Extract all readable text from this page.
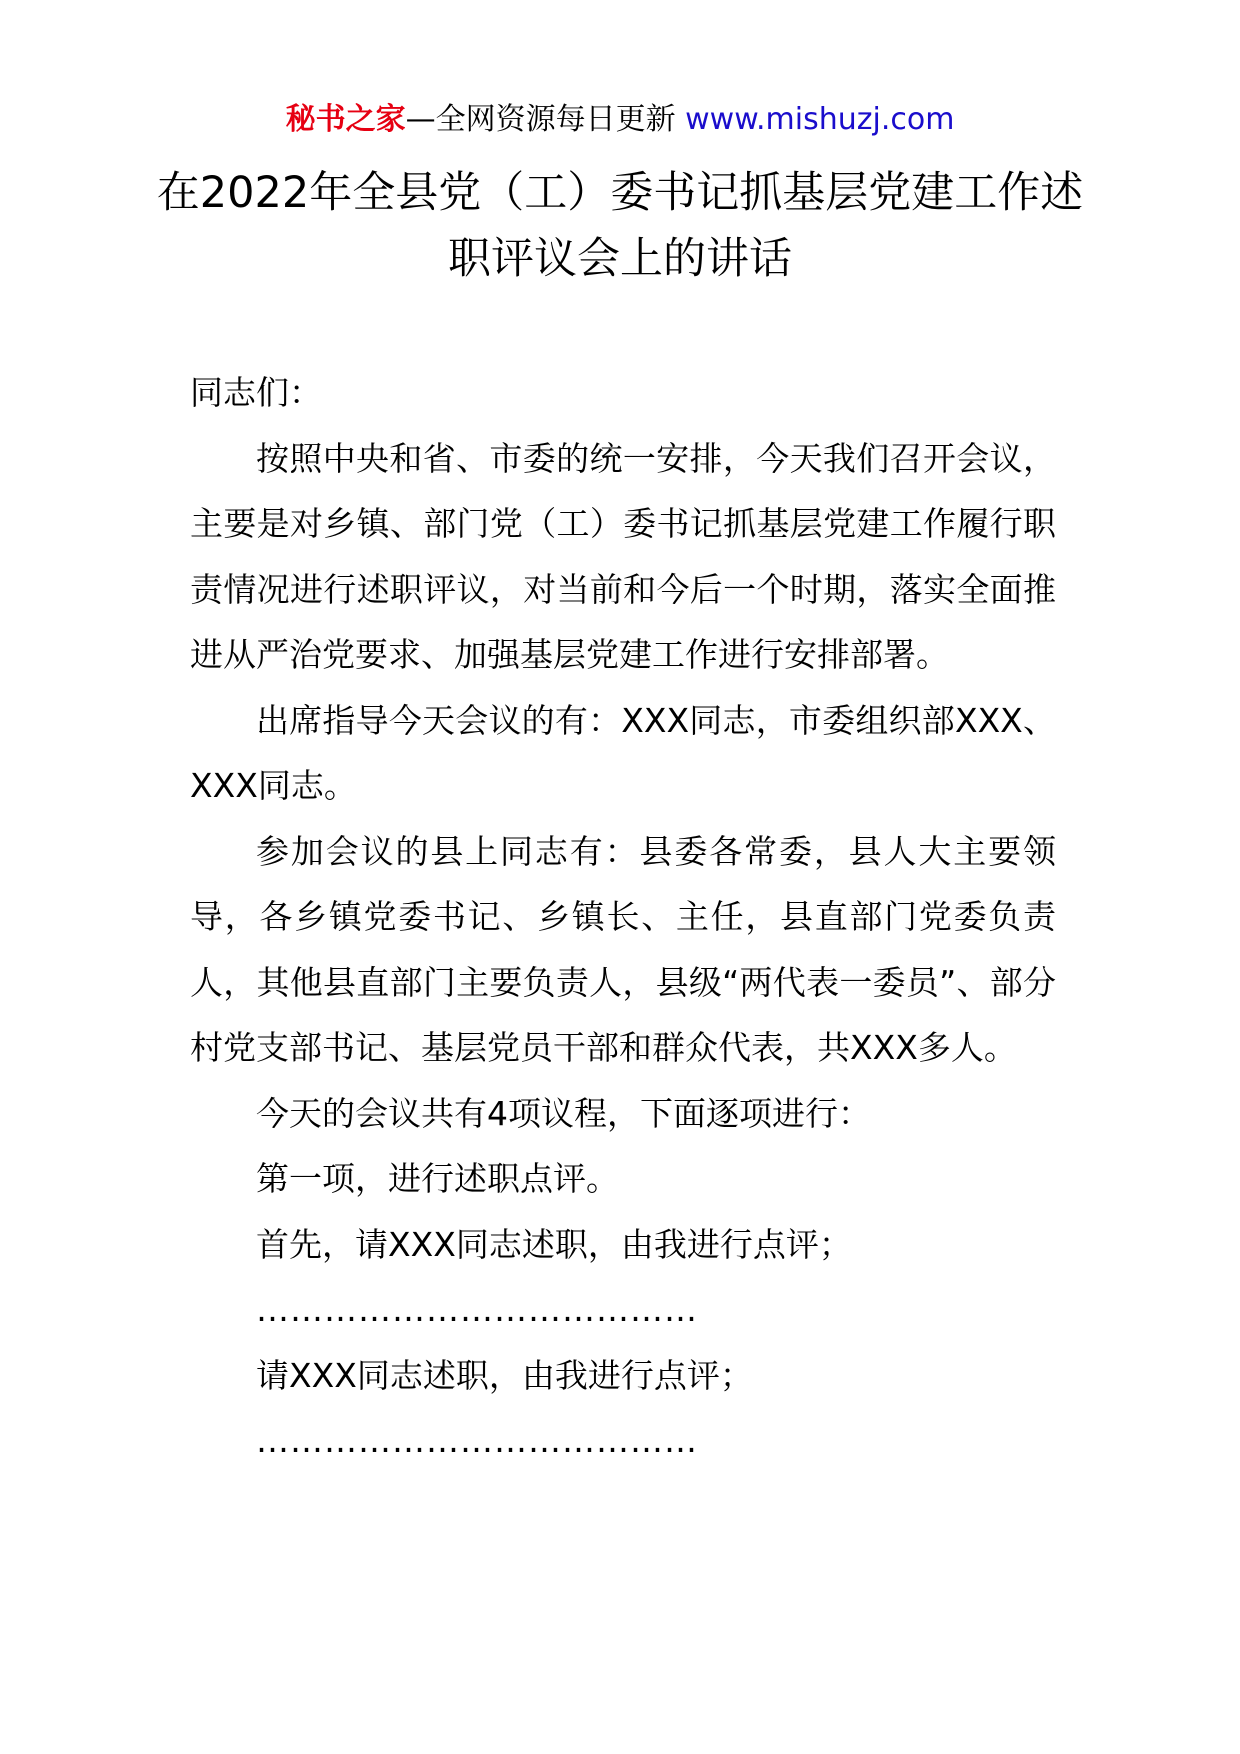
秘书之家—全网资源每日更新 www.mishuzj.com
在2022年全县党（工）委书记抓基层党建工作述职评议会上的讲话

同志们：

按照中央和省、市委的统一安排，今天我们召开会议，主要是对乡镇、部门党（工）委书记抓基层党建工作履行职责情况进行述职评议，对当前和今后一个时期，落实全面推进从严治党要求、加强基层党建工作进行安排部署。

出席指导今天会议的有：XXX同志，市委组织部XXX、XXX同志。

参加会议的县上同志有：县委各常委，县人大主要领导，各乡镇党委书记、乡镇长、主任，县直部门党委负责人，其他县直部门主要负责人，县级“两代表一委员”、部分村党支部书记、基层党员干部和群众代表，共XXX多人。

今天的会议共有4项议程，下面逐项进行：

第一项，进行述职点评。

首先，请XXX同志述职，由我进行点评；

…………………………………

请XXX同志述职，由我进行点评；

…………………………………
